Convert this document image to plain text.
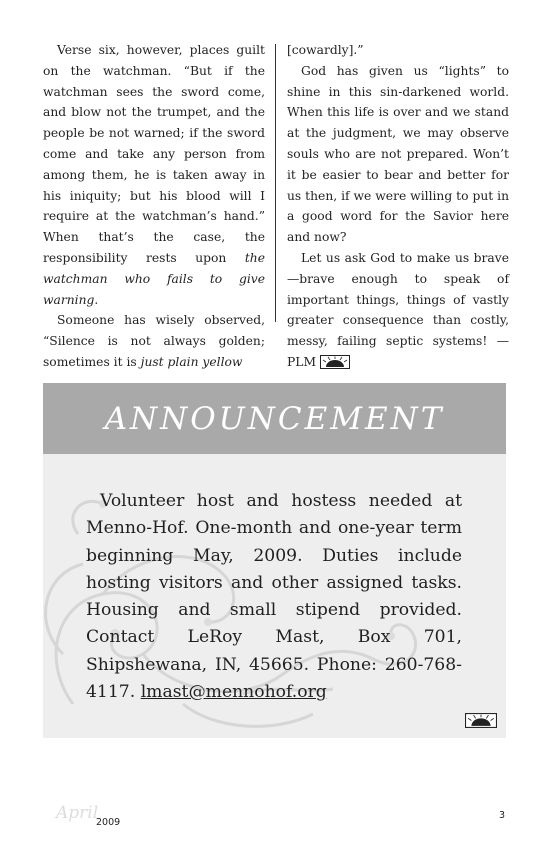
Verse six, however, places guilt on the watchman. “But if the watchman sees the sword come, and blow not the trumpet, and the people be not warned; if the sword come and take any person from among them, he is taken away in his iniquity; but his blood will I require at the watchman’s hand.” When that’s the case, the responsibility rests upon the watchman who fails to give warning.

Someone has wisely observed, “Silence is not always golden; sometimes it is just plain yellow

[cowardly].”

God has given us “lights” to shine in this sin-darkened world. When this life is over and we stand at the judgment, we may observe souls who are not prepared. Won’t it be easier to bear and better for us then, if we were willing to put in a good word for the Savior here and now?

Let us ask God to make us brave—brave enough to speak of important things, things of vastly greater consequence than costly, messy, failing septic systems! —PLM

ANNOUNCEMENT

Volunteer host and hostess needed at Menno-Hof. One-month and one-year term beginning May, 2009. Duties include hosting visitors and other assigned tasks. Housing and small stipend provided. Contact LeRoy Mast, Box 701, Shipshewana, IN, 45665. Phone: 260-768-4117. lmast@mennohof.org

April
2009
3
